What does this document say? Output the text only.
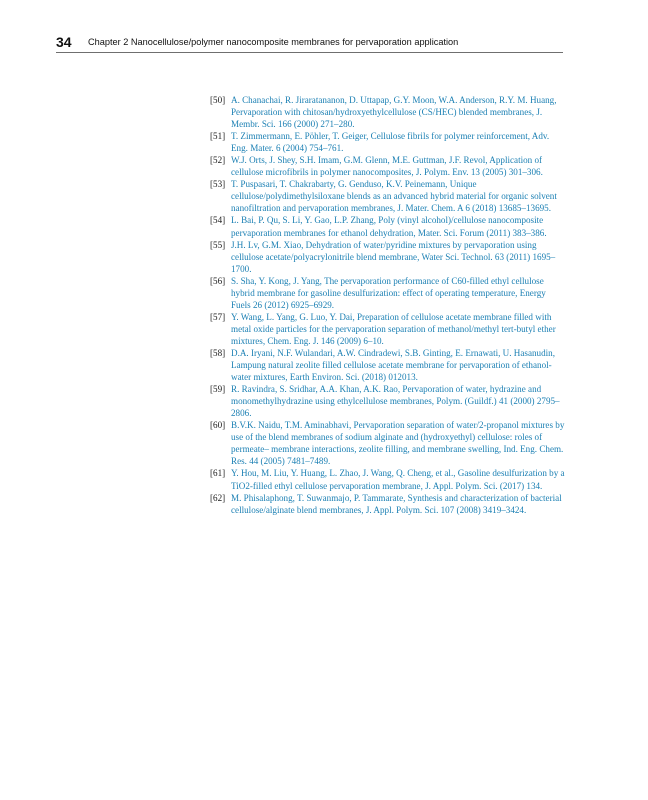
34 Chapter 2 Nanocellulose/polymer nanocomposite membranes for pervaporation application
[50] A. Chanachai, R. Jiraratananon, D. Uttapap, G.Y. Moon, W.A. Anderson, R.Y. M. Huang, Pervaporation with chitosan/hydroxyethylcellulose (CS/HEC) blended membranes, J. Membr. Sci. 166 (2000) 271–280.
[51] T. Zimmermann, E. Pöhler, T. Geiger, Cellulose fibrils for polymer reinforcement, Adv. Eng. Mater. 6 (2004) 754–761.
[52] W.J. Orts, J. Shey, S.H. Imam, G.M. Glenn, M.E. Guttman, J.F. Revol, Application of cellulose microfibrils in polymer nanocomposites, J. Polym. Env. 13 (2005) 301–306.
[53] T. Puspasari, T. Chakrabarty, G. Genduso, K.V. Peinemann, Unique cellulose/polydimethylsiloxane blends as an advanced hybrid material for organic solvent nanofiltration and pervaporation membranes, J. Mater. Chem. A 6 (2018) 13685–13695.
[54] L. Bai, P. Qu, S. Li, Y. Gao, L.P. Zhang, Poly (vinyl alcohol)/cellulose nanocomposite pervaporation membranes for ethanol dehydration, Mater. Sci. Forum (2011) 383–386.
[55] J.H. Lv, G.M. Xiao, Dehydration of water/pyridine mixtures by pervaporation using cellulose acetate/polyacrylonitrile blend membrane, Water Sci. Technol. 63 (2011) 1695–1700.
[56] S. Sha, Y. Kong, J. Yang, The pervaporation performance of C60-filled ethyl cellulose hybrid membrane for gasoline desulfurization: effect of operating temperature, Energy Fuels 26 (2012) 6925–6929.
[57] Y. Wang, L. Yang, G. Luo, Y. Dai, Preparation of cellulose acetate membrane filled with metal oxide particles for the pervaporation separation of methanol/methyl tert-butyl ether mixtures, Chem. Eng. J. 146 (2009) 6–10.
[58] D.A. Iryani, N.F. Wulandari, A.W. Cindradewi, S.B. Ginting, E. Ernawati, U. Hasanudin, Lampung natural zeolite filled cellulose acetate membrane for pervaporation of ethanol-water mixtures, Earth Environ. Sci. (2018) 012013.
[59] R. Ravindra, S. Sridhar, A.A. Khan, A.K. Rao, Pervaporation of water, hydrazine and monomethylhydrazine using ethylcellulose membranes, Polym. (Guildf.) 41 (2000) 2795–2806.
[60] B.V.K. Naidu, T.M. Aminabhavi, Pervaporation separation of water/2-propanol mixtures by use of the blend membranes of sodium alginate and (hydroxyethyl) cellulose: roles of permeate– membrane interactions, zeolite filling, and membrane swelling, Ind. Eng. Chem. Res. 44 (2005) 7481–7489.
[61] Y. Hou, M. Liu, Y. Huang, L. Zhao, J. Wang, Q. Cheng, et al., Gasoline desulfurization by a TiO2-filled ethyl cellulose pervaporation membrane, J. Appl. Polym. Sci. (2017) 134.
[62] M. Phisalaphong, T. Suwanmajo, P. Tammarate, Synthesis and characterization of bacterial cellulose/alginate blend membranes, J. Appl. Polym. Sci. 107 (2008) 3419–3424.
